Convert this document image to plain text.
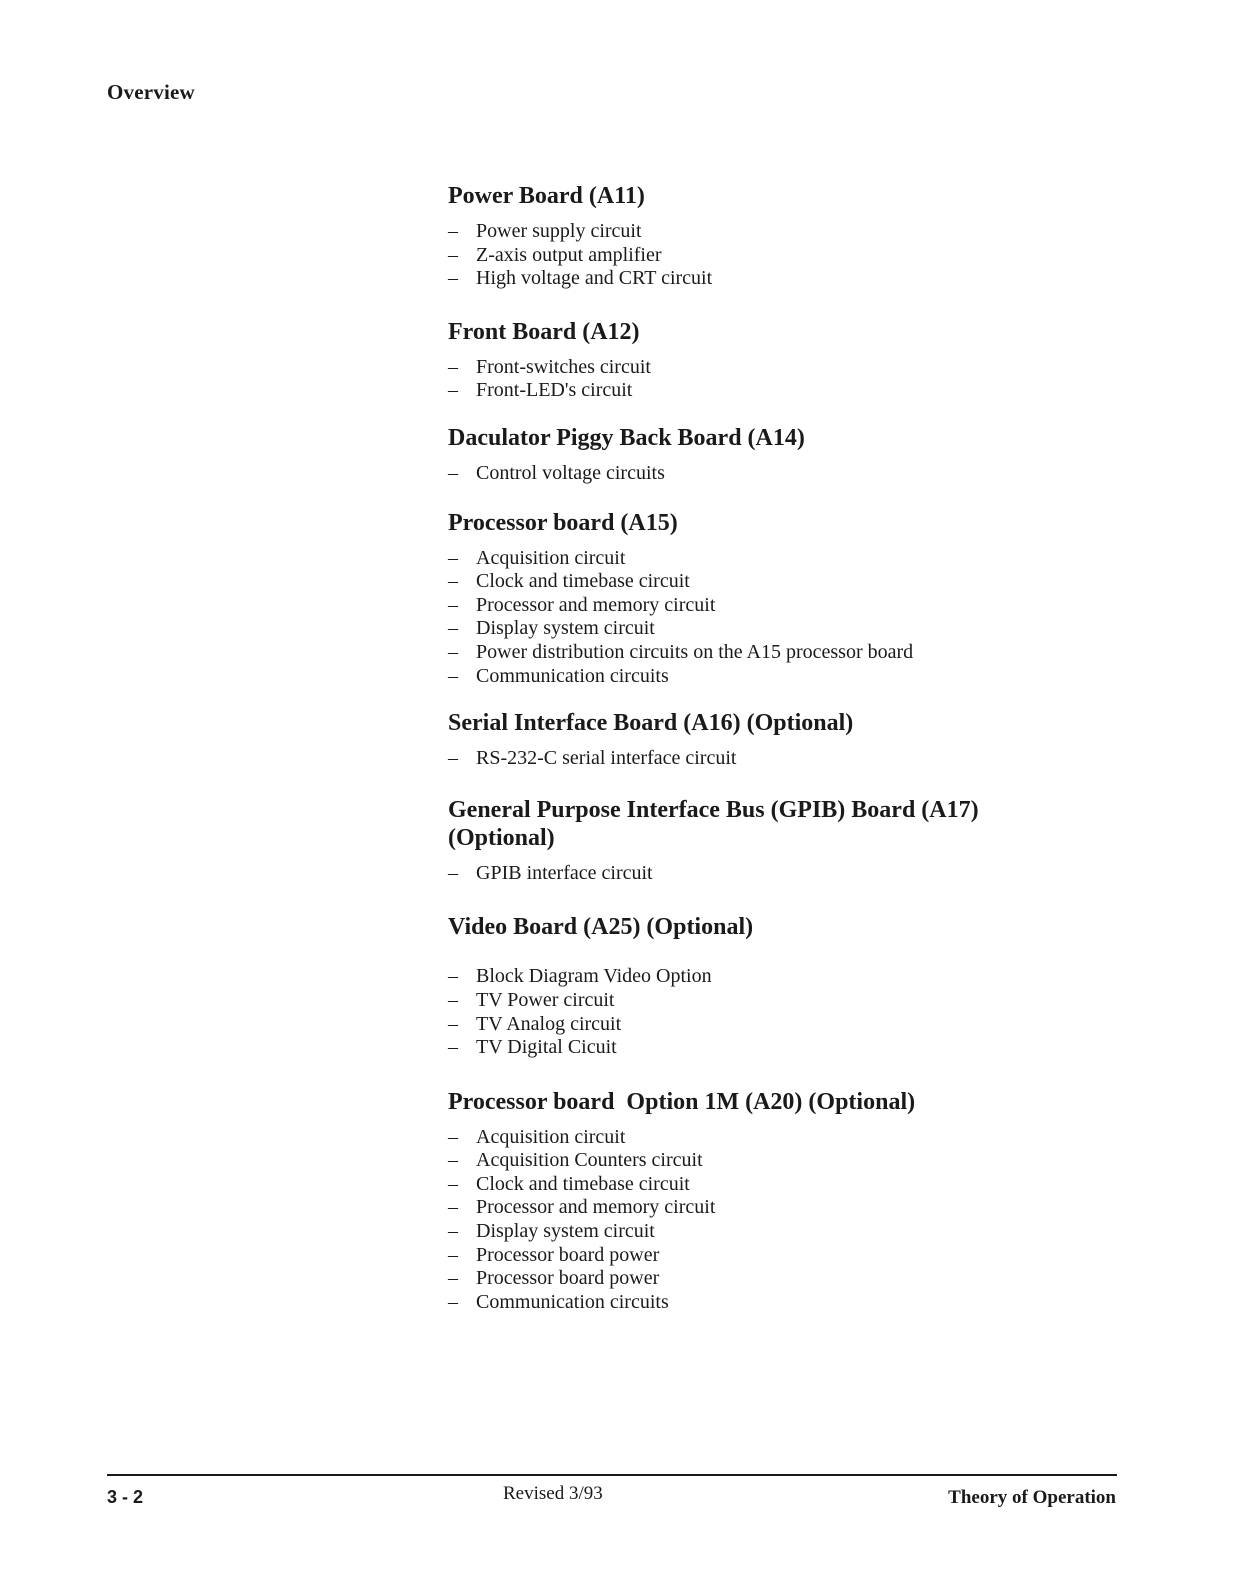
Overview
Power Board (A11)
– Power supply circuit
– Z-axis output amplifier
– High voltage and CRT circuit
Front Board (A12)
– Front-switches circuit
– Front-LED's circuit
Daculator Piggy Back Board (A14)
– Control voltage circuits
Processor board (A15)
– Acquisition circuit
– Clock and timebase circuit
– Processor and memory circuit
– Display system circuit
– Power distribution circuits on the A15 processor board
– Communication circuits
Serial Interface Board (A16) (Optional)
– RS-232-C serial interface circuit
General Purpose Interface Bus (GPIB) Board (A17)
(Optional)
– GPIB interface circuit
Video Board (A25) (Optional)
– Block Diagram Video Option
– TV Power circuit
– TV Analog circuit
– TV Digital Cicuit
Processor board  Option 1M (A20) (Optional)
– Acquisition circuit
– Acquisition Counters circuit
– Clock and timebase circuit
– Processor and memory circuit
– Display system circuit
– Processor board power
– Processor board power
– Communication circuits
3 - 2	Revised 3/93	Theory of Operation
